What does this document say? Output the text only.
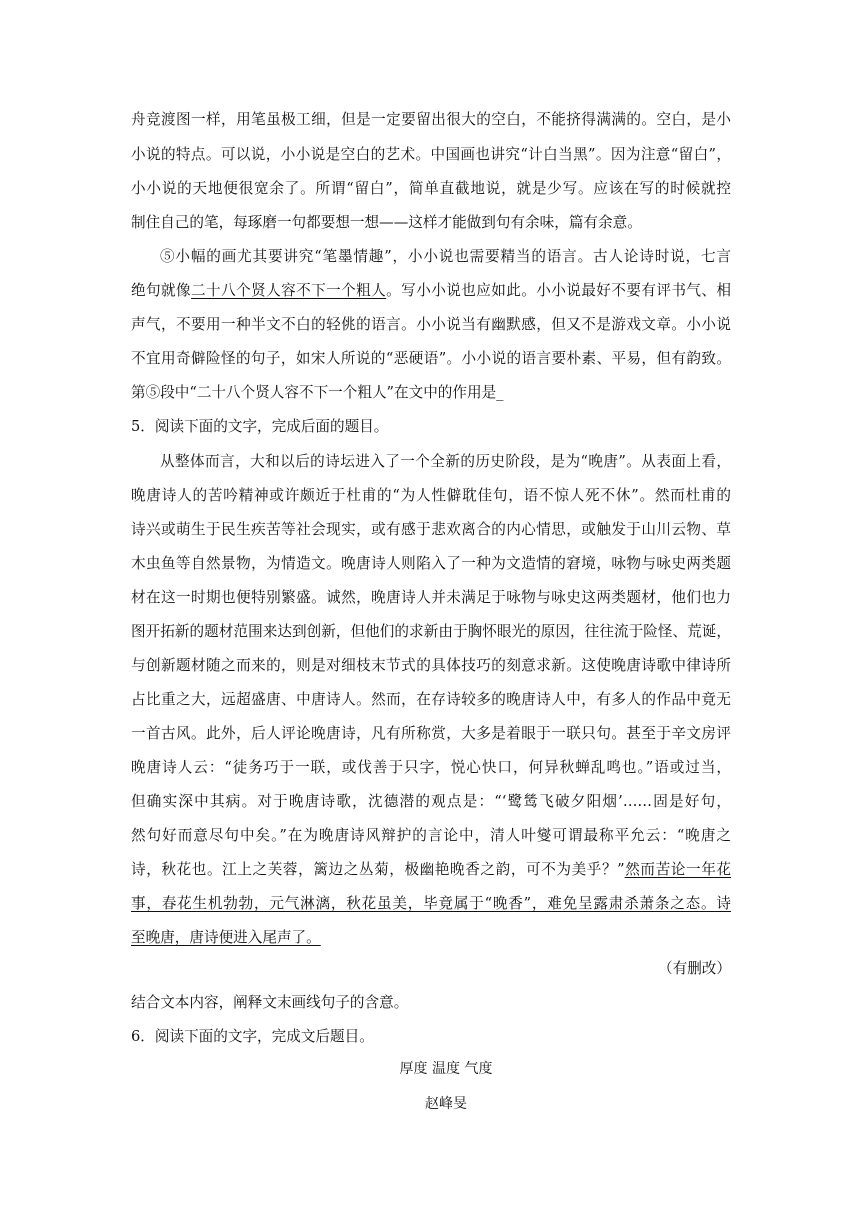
舟竞渡图一样，用笔虽极工细，但是一定要留出很大的空白，不能挤得满满的。空白，是小
小说的特点。可以说，小小说是空白的艺术。中国画也讲究“计白当黑”。因为注意“留白”，
小小说的天地便很宽余了。所谓“留白”，简单直截地说，就是少写。应该在写的时候就控
制住自己的笔，每琢磨一句都要想一想——这样才能做到句有余味，篇有余意。
⑤小幅的画尤其要讲究“笔墨情趣”，小小说也需要精当的语言。古人论诗时说，七言
绝句就像二十八个贤人容不下一个粗人。写小小说也应如此。小小说最好不要有评书气、相
声气，不要用一种半文不白的轻佻的语言。小小说当有幽默感，但又不是游戏文章。小小说
不宜用奇僻险怪的句子，如宋人所说的“恶硬语”。小小说的语言要朴素、平易，但有韵致。
第⑤段中“二十八个贤人容不下一个粗人”在文中的作用是_
5．阅读下面的文字，完成后面的题目。
从整体而言，大和以后的诗坛进入了一个全新的历史阶段，是为“晚唐”。从表面上看，
晚唐诗人的苦吟精神或许颇近于杜甫的“为人性僻耽佳句，语不惊人死不休”。然而杜甫的
诗兴或萌生于民生疾苦等社会现实，或有感于悲欢离合的内心情思，或触发于山川云物、草
木虫鱼等自然景物，为情造文。晚唐诗人则陷入了一种为文造情的窘境，咏物与咏史两类题
材在这一时期也便特别繁盛。诚然，晚唐诗人并未满足于咏物与咏史这两类题材，他们也力
图开拓新的题材范围来达到创新，但他们的求新由于胸怀眼光的原因，往往流于险怪、荒诞，
与创新题材随之而来的，则是对细枝末节式的具体技巧的刻意求新。这使晚唐诗歌中律诗所
占比重之大，远超盛唐、中唐诗人。然而，在存诗较多的晚唐诗人中，有多人的作品中竟无
一首古风。此外，后人评论晚唐诗，凡有所称赏，大多是着眼于一联只句。甚至于辛文房评
晚唐诗人云：“徒务巧于一联，或伐善于只字，悦心快口，何异秋蝉乱鸣也。”语或过当，
但确实深中其病。对于晚唐诗歌，沈德潜的观点是：“‘鹭鸶飞破夕阳烟’……固是好句，
然句好而意尽句中矣。”在为晚唐诗风辩护的言论中，清人叶燮可谓最称平允云：“晚唐之
诗，秋花也。江上之芙蓉，篱边之丛菊，极幽艳晚香之韵，可不为美乎？”然而苦论一年花
事，春花生机勃勃，元气淋漓，秋花虽美，毕竟属于“晚香”，难免呈露肃杀萧条之态。诗
至晚唐，唐诗便进入尾声了。
（有删改）
结合文本内容，阐释文末画线句子的含意。
6．阅读下面的文字，完成文后题目。
厚度 温度 气度
赵峰旻
